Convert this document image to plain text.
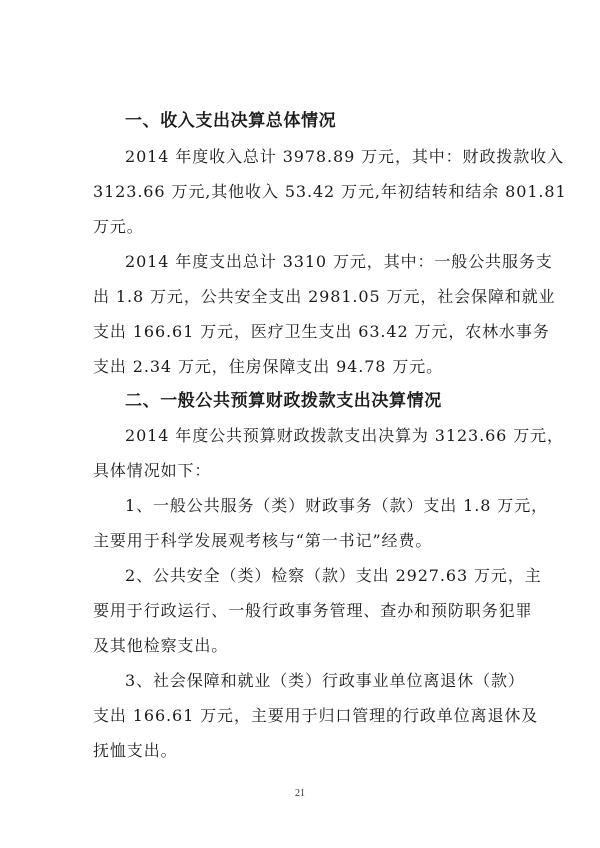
一、收入支出决算总体情况
2014 年度收入总计 3978.89 万元，其中：财政拨款收入
3123.66 万元,其他收入 53.42 万元,年初结转和结余 801.81
万元。
2014 年度支出总计 3310 万元，其中：一般公共服务支
出 1.8 万元，公共安全支出 2981.05 万元，社会保障和就业
支出 166.61 万元，医疗卫生支出 63.42 万元，农林水事务
支出 2.34 万元，住房保障支出 94.78 万元。
二、一般公共预算财政拨款支出决算情况
2014 年度公共预算财政拨款支出决算为 3123.66 万元，
具体情况如下：
1、一般公共服务（类）财政事务（款）支出 1.8 万元，
主要用于科学发展观考核与“第一书记”经费。
2、公共安全（类）检察（款）支出 2927.63 万元，主
要用于行政运行、一般行政事务管理、查办和预防职务犯罪
及其他检察支出。
3、社会保障和就业（类）行政事业单位离退休（款）
支出 166.61 万元，主要用于归口管理的行政单位离退休及
抚恤支出。
21
